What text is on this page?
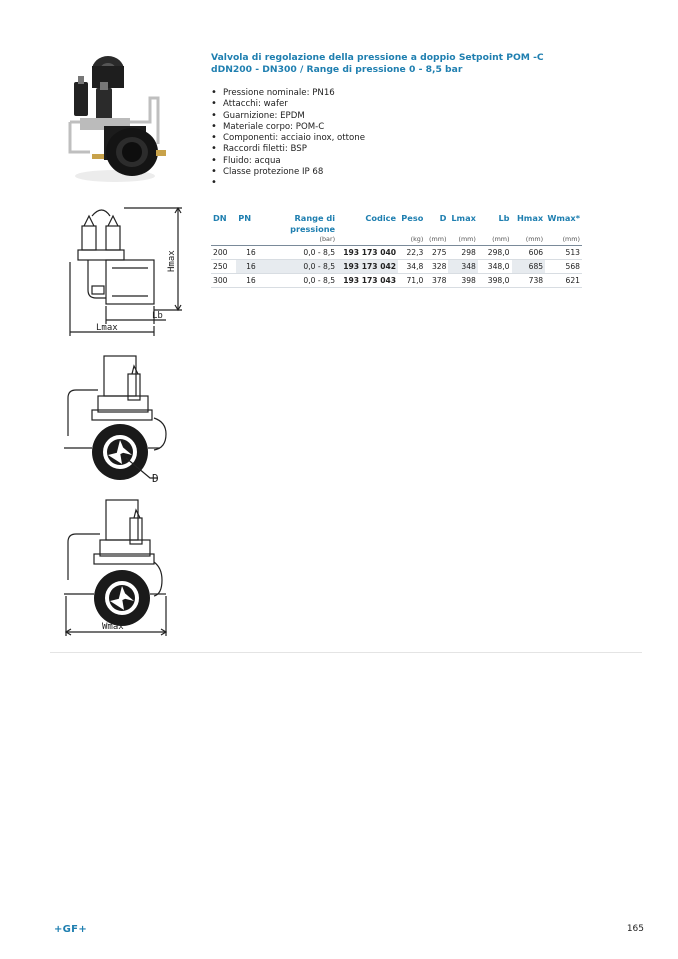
Hmax
Lb
Lmax
D
Wmax
Valvola di regolazione della pressione a doppio Setpoint POM -C
dDN200 - DN300 / Range di pressione 0 - 8,5 bar
• Pressione nominale: PN16
• Attacchi: wafer
• Guarnizione: EPDM
• Materiale corpo: POM-C
• Componenti: acciaio inox, ottone
• Raccordi filetti: BSP
• Fluido: acqua
• Classe protezione IP 68
•
DN	PN	Range di pressione	Codice	Peso	D	Lmax	Lb	Hmax	Wmax*
		(bar)		(kg)	(mm)	(mm)	(mm)	(mm)	(mm)

200	16	0,0 - 8,5	193 173 040	22,3	275	298	298,0	606	513
250	16	0,0 - 8,5	193 173 042	34,8	328	348	348,0	685	568
300	16	0,0 - 8,5	193 173 043	71,0	378	398	398,0	738	621
+GF+	165
